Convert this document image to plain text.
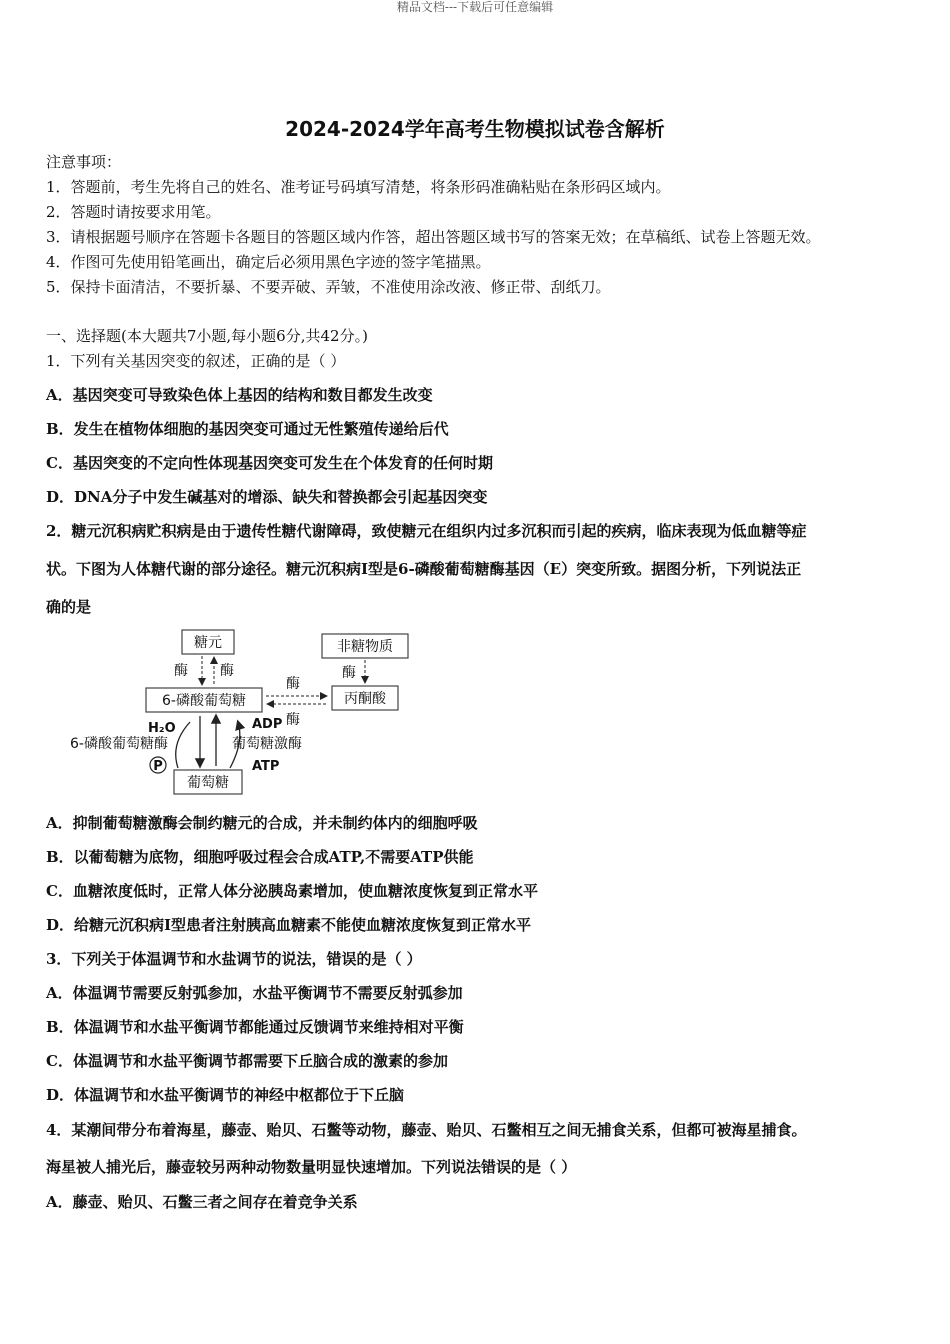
精品文档---下载后可任意编辑
2024-2024学年高考生物模拟试卷含解析
注意事项：
1．答题前，考生先将自己的姓名、准考证号码填写清楚，将条形码准确粘贴在条形码区域内。
2．答题时请按要求用笔。
3．请根据题号顺序在答题卡各题目的答题区域内作答，超出答题区域书写的答案无效；在草稿纸、试卷上答题无效。
4．作图可先使用铅笔画出，确定后必须用黑色字迹的签字笔描黑。
5．保持卡面清洁，不要折暴、不要弄破、弄皱，不准使用涂改液、修正带、刮纸刀。
一、选择题(本大题共7小题,每小题6分,共42分。)
1．下列有关基因突变的叙述，正确的是（ ）
A．基因突变可导致染色体上基因的结构和数目都发生改变
B．发生在植物体细胞的基因突变可通过无性繁殖传递给后代
C．基因突变的不定向性体现基因突变可发生在个体发育的任何时期
D．DNA分子中发生碱基对的增添、缺失和替换都会引起基因突变
2．糖元沉积病贮积病是由于遗传性糖代谢障碍，致使糖元在组织内过多沉积而引起的疾病，临床表现为低血糖等症
状。下图为人体糖代谢的部分途径。糖元沉积病Ⅰ型是6-磷酸葡萄糖酶基因（E）突变所致。据图分析，下列说法正
确的是
糖元
6-磷酸葡萄糖
葡萄糖
非糖物质
丙酮酸
酶 酶
酶
酶
酶
H₂O
6-磷酸葡萄糖酶
P
ADP
葡萄糖激酶
ATP
A．抑制葡萄糖激酶会制约糖元的合成，并未制约体内的细胞呼吸
B．以葡萄糖为底物，细胞呼吸过程会合成ATP,不需要ATP供能
C．血糖浓度低时，正常人体分泌胰岛素增加，使血糖浓度恢复到正常水平
D．给糖元沉积病Ⅰ型患者注射胰高血糖素不能使血糖浓度恢复到正常水平
3．下列关于体温调节和水盐调节的说法，错误的是（ ）
A．体温调节需要反射弧参加，水盐平衡调节不需要反射弧参加
B．体温调节和水盐平衡调节都能通过反馈调节来维持相对平衡
C．体温调节和水盐平衡调节都需要下丘脑合成的激素的参加
D．体温调节和水盐平衡调节的神经中枢都位于下丘脑
4．某潮间带分布着海星，藤壶、贻贝、石鳖等动物，藤壶、贻贝、石鳖相互之间无捕食关系，但都可被海星捕食。
海星被人捕光后，藤壶较另两种动物数量明显快速增加。下列说法错误的是（ ）
A．藤壶、贻贝、石鳖三者之间存在着竞争关系
